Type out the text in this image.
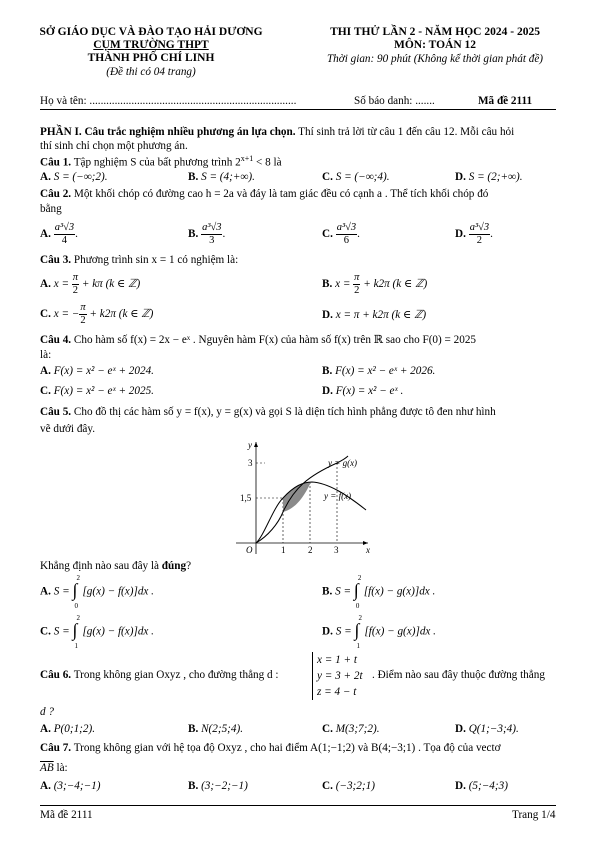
SỞ GIÁO DỤC VÀ ĐÀO TẠO HẢI DƯƠNG
CỤM TRƯỜNG THPT
THÀNH PHỐ CHÍ LINH
(Đề thi có 04 trang)
THI THỬ LẦN 2 - NĂM HỌC 2024 - 2025
MÔN: TOÁN 12
Thời gian: 90 phút (Không kể thời gian phát đề)
Họ và tên: ..........................................................................	Số báo danh: .......	Mã đề 2111
PHẦN I. Câu trắc nghiệm nhiều phương án lựa chọn. Thí sinh trả lời từ câu 1 đến câu 12. Mỗi câu hỏi
thí sinh chỉ chọn một phương án.
Câu 1. Tập nghiệm S của bất phương trình $2^{x+1} < 8$ là
A. S = (−∞;2).	B. S = (4;+∞).	C. S = (−∞;4).	D. S = (2;+∞).
Câu 2. Một khối chóp có đường cao h = 2a và đáy là tam giác đều có cạnh a . Thể tích khối chóp đó
bằng
A. $\frac{\text{a³√3}}{4}$ .	B. $\frac{\text{a³√3}}{3}$ .	C. $\frac{\text{a³√3}}{6}$ .	D. $\frac{\text{a³√3}}{2}$ .
Câu 3. Phương trình sin x = 1 có nghiệm là:
A. $x = \frac{\pi}{2} + k\pi$ (k ∈ ℤ)	B. $x = \frac{\pi}{2} + k2\pi$ (k ∈ ℤ)
C. x = − $\frac{\pi}{2} + k2\pi$ (k ∈ ℤ)	D. x = π + k2π (k ∈ ℤ)
Câu 4. Cho hàm số f(x) = 2x − eˣ . Nguyên hàm F(x) của hàm số f(x) trên ℝ sao cho F(0) = 2025
là:
A. F(x) = x² − eˣ + 2024.	B. F(x) = x² − eˣ + 2026.
C. F(x) = x² − eˣ + 2025.	D. F(x) = x² − eˣ .
Câu 5. Cho đồ thị các hàm số y = f(x), y = g(x) và gọi S là diện tích hình phẳng được tô đen như hình
vẽ dưới đây.
y
x
O
3
1,5
1	2 3
y = g(x)
y = f(x)
Khẳng định nào sau đây là đúng?
A. S =
2
∫
0
[g(x) − f(x)]dx .	B. S =
2
∫
0
[f(x) − g(x)]dx .
C. S =
2
∫
1
[g(x) − f(x)]dx .	D. S =
2
∫
1
[f(x) − g(x)]dx .
Câu 6. Trong không gian Oxyz , cho đường thẳng d :
x = 1 + t
y = 3 + 2t
z = 4 − t
. Điểm nào sau đây thuộc đường thẳng
d ?
A. P(0;1;2).	B. N(2;5;4).	C. M(3;7;2).	D. Q(1;−3;4).
Câu 7. Trong không gian với hệ tọa độ Oxyz , cho hai điểm A(1;−1;2) và B(4;−3;1) . Tọa độ của vectơ
$\overline{AB}$ là:
A. (3;−4;−1)	B. (3;−2;−1)	C. (−3;2;1)	D. (5;−4;3)
Mã đề 2111	Trang 1/4
